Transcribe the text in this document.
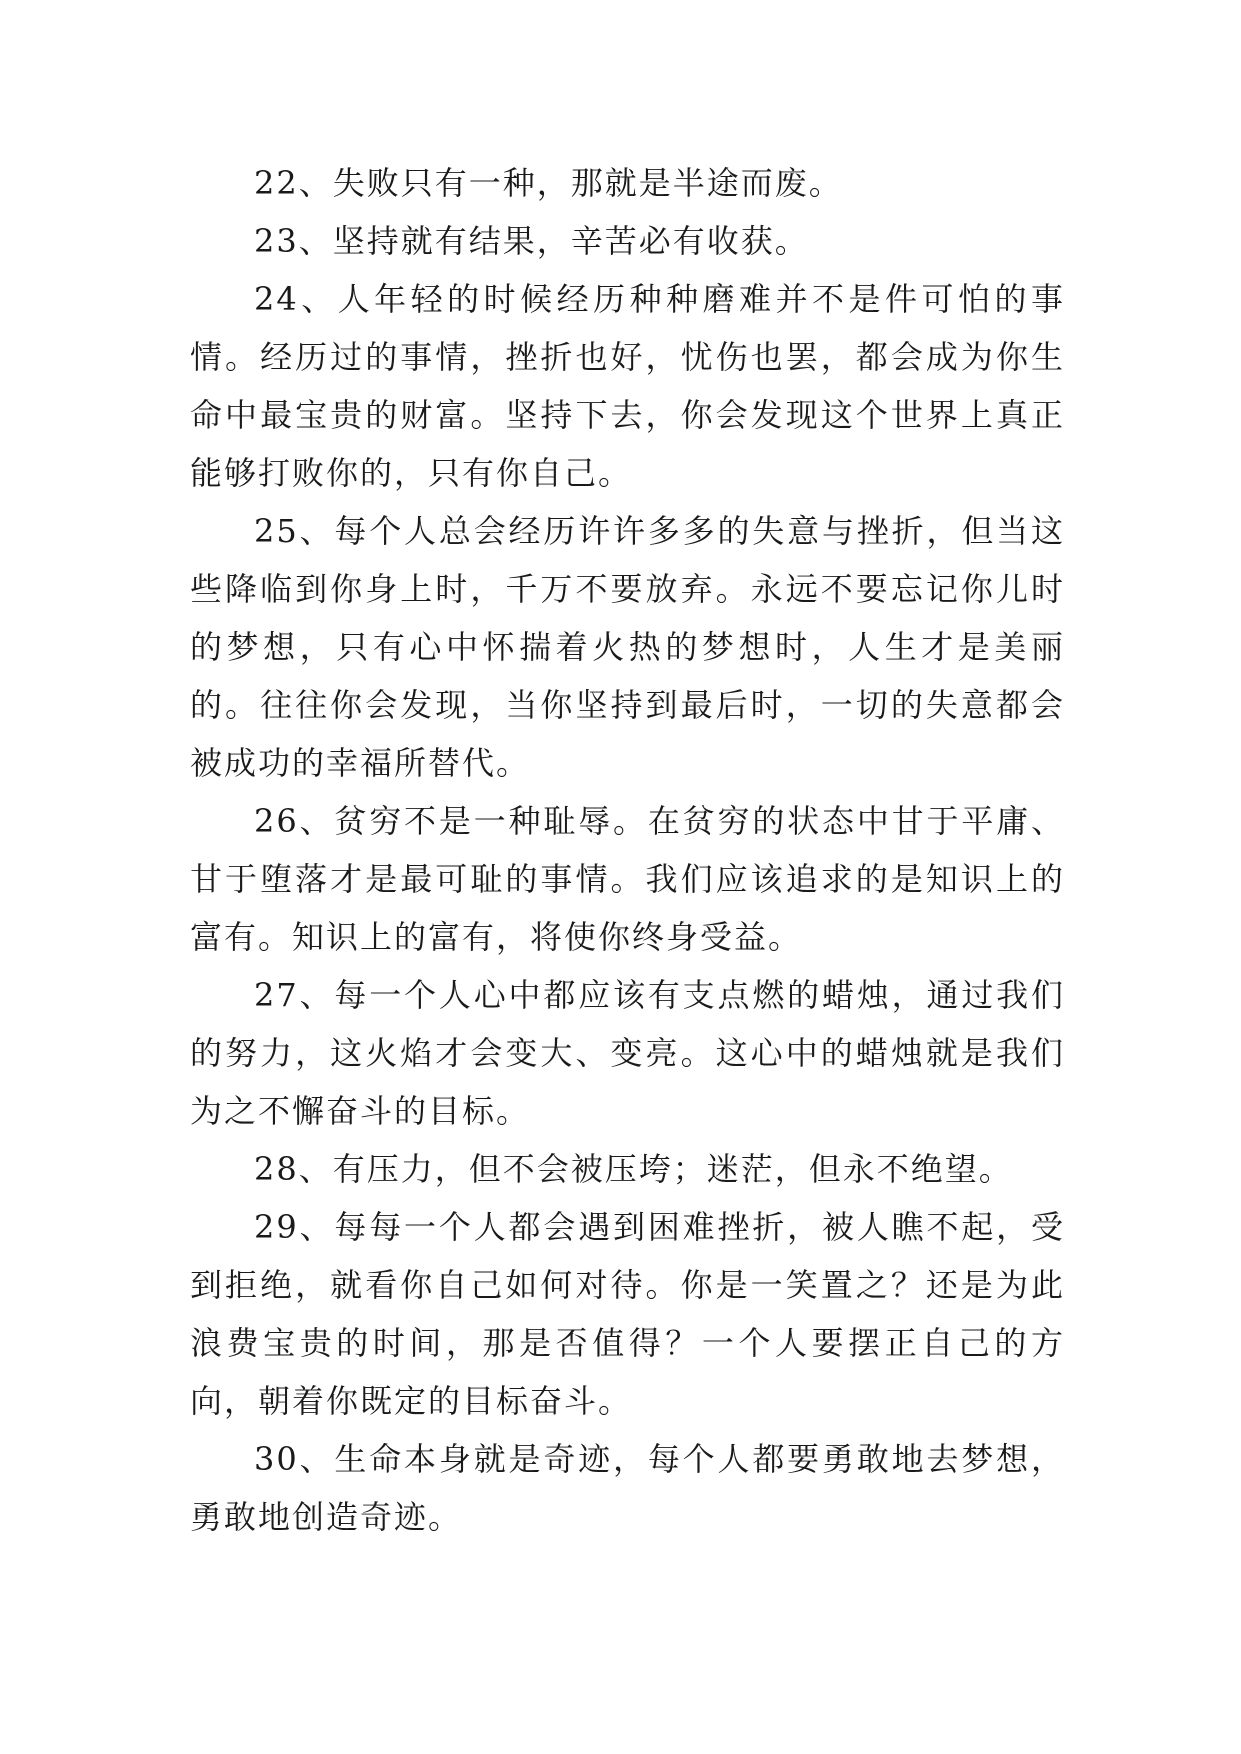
22、失败只有一种，那就是半途而废。

23、坚持就有结果，辛苦必有收获。

24、人年轻的时候经历种种磨难并不是件可怕的事情。经历过的事情，挫折也好，忧伤也罢，都会成为你生命中最宝贵的财富。坚持下去，你会发现这个世界上真正能够打败你的，只有你自己。

25、每个人总会经历许许多多的失意与挫折，但当这些降临到你身上时，千万不要放弃。永远不要忘记你儿时的梦想，只有心中怀揣着火热的梦想时，人生才是美丽的。往往你会发现，当你坚持到最后时，一切的失意都会被成功的幸福所替代。

26、贫穷不是一种耻辱。在贫穷的状态中甘于平庸、甘于堕落才是最可耻的事情。我们应该追求的是知识上的富有。知识上的富有，将使你终身受益。

27、每一个人心中都应该有支点燃的蜡烛，通过我们的努力，这火焰才会变大、变亮。这心中的蜡烛就是我们为之不懈奋斗的目标。

28、有压力，但不会被压垮；迷茫，但永不绝望。

29、每每一个人都会遇到困难挫折，被人瞧不起，受到拒绝，就看你自己如何对待。你是一笑置之？还是为此浪费宝贵的时间，那是否值得？一个人要摆正自己的方向，朝着你既定的目标奋斗。

30、生命本身就是奇迹，每个人都要勇敢地去梦想，勇敢地创造奇迹。
